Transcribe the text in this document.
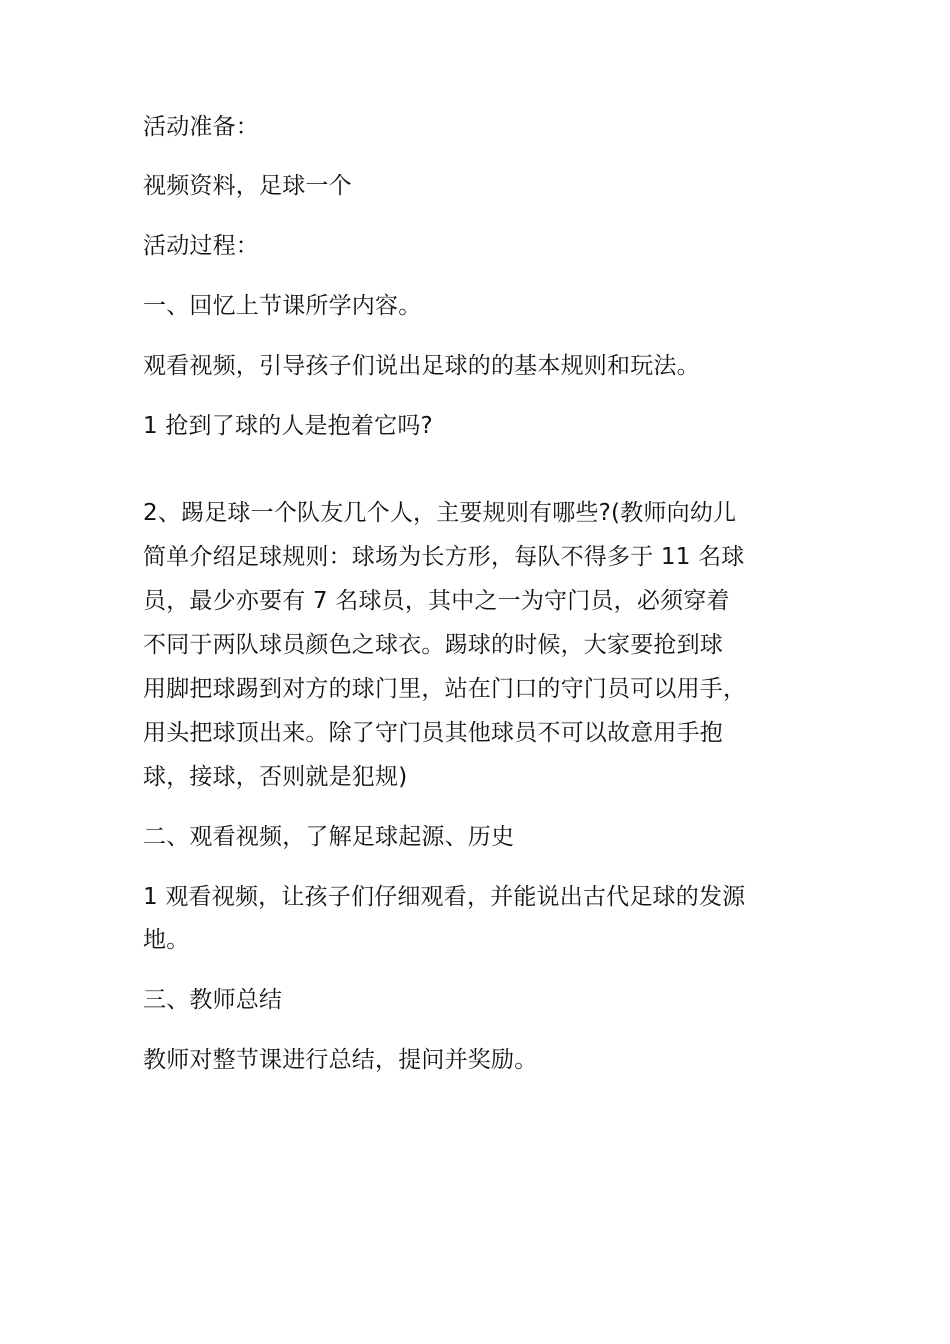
活动准备：
视频资料，足球一个
活动过程：
一、回忆上节课所学内容。
观看视频，引导孩子们说出足球的的基本规则和玩法。
1 抢到了球的人是抱着它吗?
2、踢足球一个队友几个人，主要规则有哪些?(教师向幼儿
简单介绍足球规则：球场为长方形，每队不得多于 11 名球
员，最少亦要有 7 名球员，其中之一为守门员，必须穿着
不同于两队球员颜色之球衣。踢球的时候，大家要抢到球
用脚把球踢到对方的球门里，站在门口的守门员可以用手，
用头把球顶出来。除了守门员其他球员不可以故意用手抱
球，接球，否则就是犯规)
二、观看视频，了解足球起源、历史
1 观看视频，让孩子们仔细观看，并能说出古代足球的发源
地。
三、教师总结
教师对整节课进行总结，提问并奖励。
